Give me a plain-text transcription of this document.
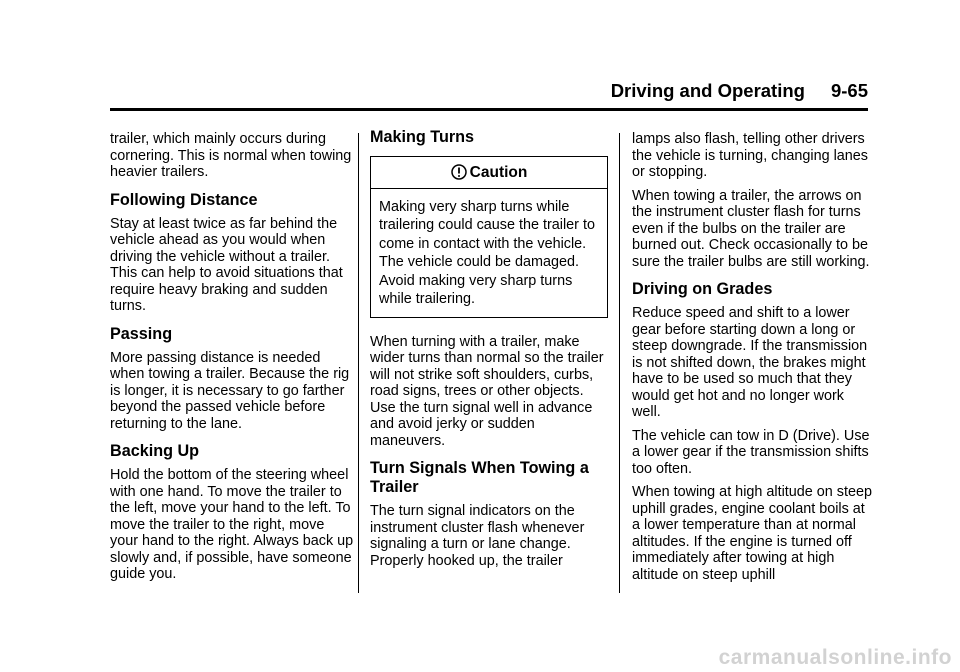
Driving and Operating 9-65

trailer, which mainly occurs during cornering. This is normal when towing heavier trailers.

Following Distance

Stay at least twice as far behind the vehicle ahead as you would when driving the vehicle without a trailer. This can help to avoid situations that require heavy braking and sudden turns.

Passing

More passing distance is needed when towing a trailer. Because the rig is longer, it is necessary to go farther beyond the passed vehicle before returning to the lane.

Backing Up

Hold the bottom of the steering wheel with one hand. To move the trailer to the left, move your hand to the left. To move the trailer to the right, move your hand to the right. Always back up slowly and, if possible, have someone guide you.

Making Turns
Caution
Making very sharp turns while trailering could cause the trailer to come in contact with the vehicle. The vehicle could be damaged. Avoid making very sharp turns while trailering.

When turning with a trailer, make wider turns than normal so the trailer will not strike soft shoulders, curbs, road signs, trees or other objects. Use the turn signal well in advance and avoid jerky or sudden maneuvers.

Turn Signals When Towing a Trailer

The turn signal indicators on the instrument cluster flash whenever signaling a turn or lane change. Properly hooked up, the trailer

lamps also flash, telling other drivers the vehicle is turning, changing lanes or stopping.

When towing a trailer, the arrows on the instrument cluster flash for turns even if the bulbs on the trailer are burned out. Check occasionally to be sure the trailer bulbs are still working.

Driving on Grades

Reduce speed and shift to a lower gear before starting down a long or steep downgrade. If the transmission is not shifted down, the brakes might have to be used so much that they would get hot and no longer work well.

The vehicle can tow in D (Drive). Use a lower gear if the transmission shifts too often.

When towing at high altitude on steep uphill grades, engine coolant boils at a lower temperature than at normal altitudes. If the engine is turned off immediately after towing at high altitude on steep uphill

carmanualsonline.info
